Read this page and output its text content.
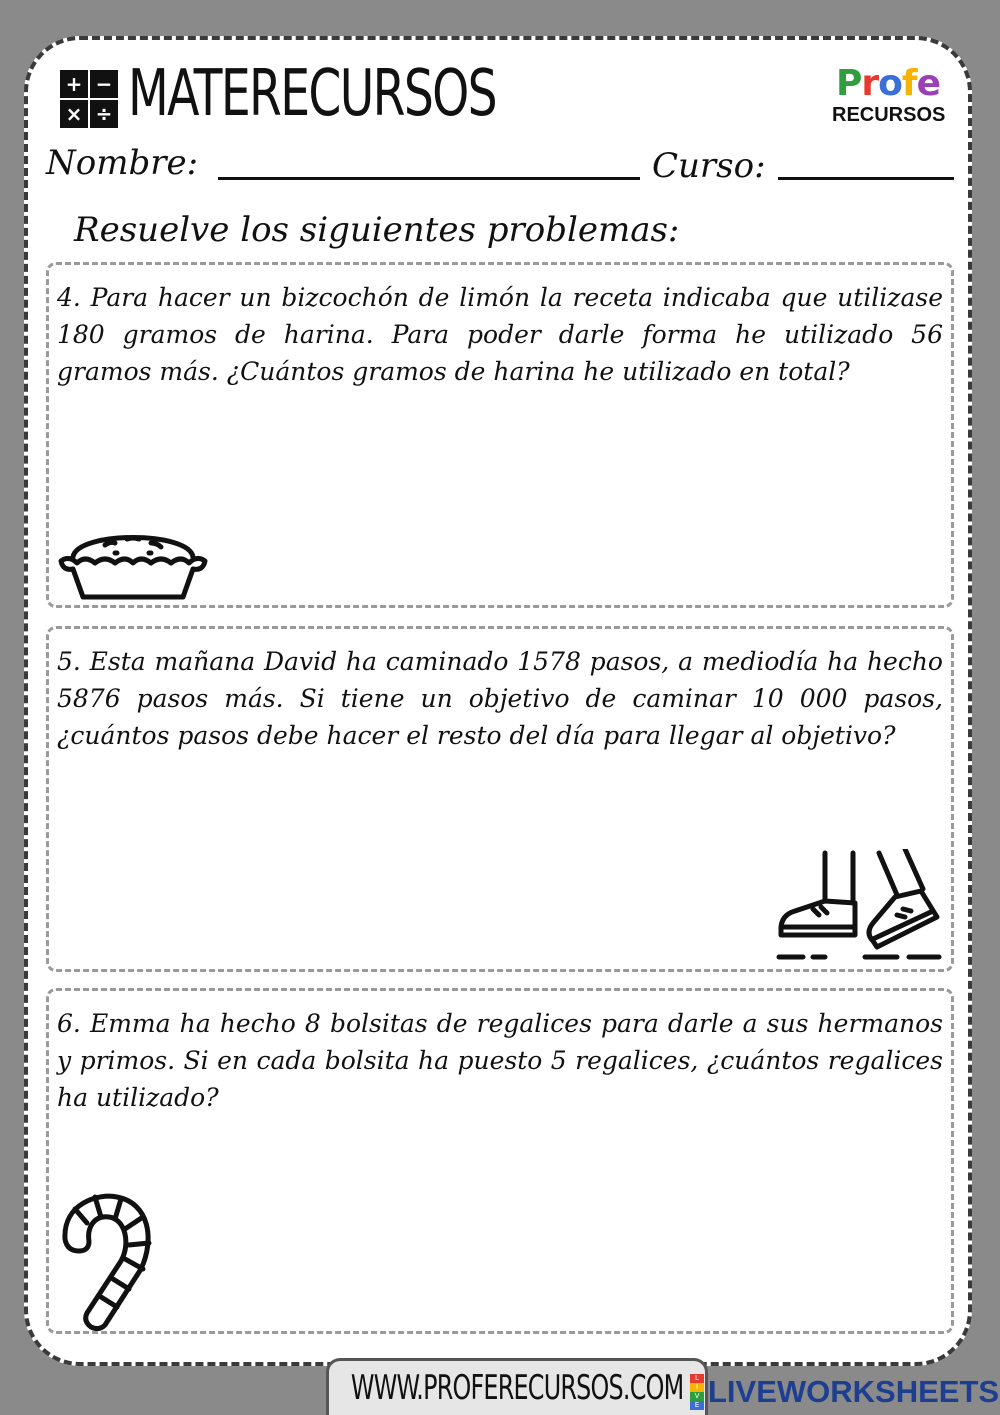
+ −
× ÷ MATERECURSOS	Profe
RECURSOS
Nombre:	Curso:
Resuelve los siguientes problemas:

4. Para hacer un bizcochón de limón la receta indicaba que utilizase 180 gramos de harina. Para poder darle forma he utilizado 56 gramos más. ¿Cuántos gramos de harina he utilizado en total?

5. Esta mañana David ha caminado 1578 pasos, a mediodía ha hecho 5876 pasos más. Si tiene un objetivo de caminar 10 000 pasos, ¿cuántos pasos debe hacer el resto del día para llegar al objetivo?

6. Emma ha hecho 8 bolsitas de regalices para darle a sus hermanos y primos. Si en cada bolsita ha puesto 5 regalices, ¿cuántos regalices ha utilizado?

WWW.PROFERECURSOS.COM	L
I
V
E LIVEWORKSHEETS
